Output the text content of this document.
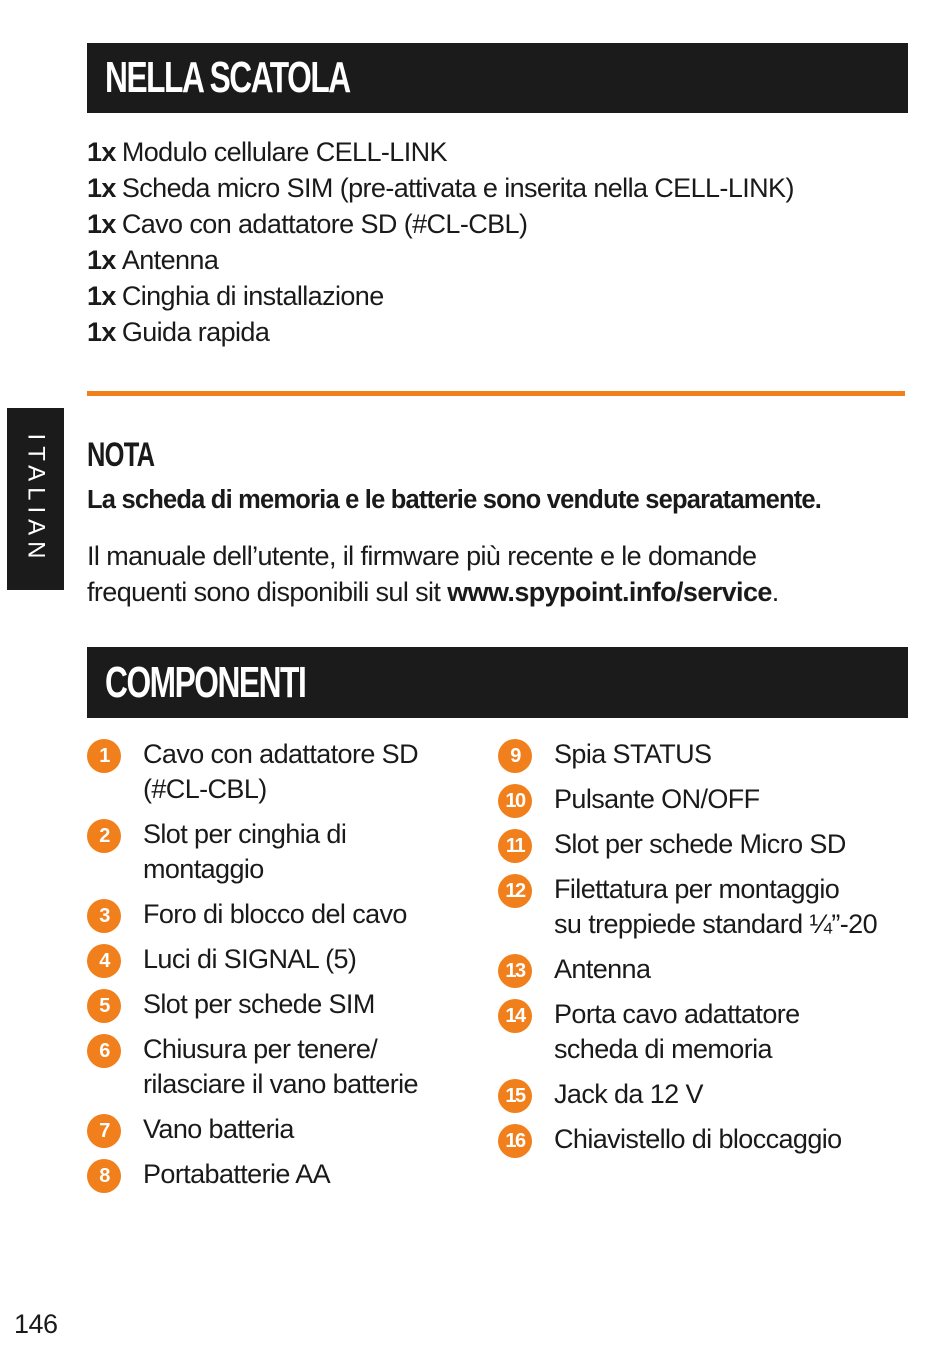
NELLA SCATOLA
1x Modulo cellulare CELL-LINK
1x Scheda micro SIM (pre-attivata e inserita nella CELL-LINK)
1x Cavo con adattatore SD (#CL-CBL)
1x Antenna
1x Cinghia di installazione
1x Guida rapida
ITALIAN NOTA
La scheda di memoria e le batterie sono vendute separatamente.
Il manuale dell’utente, il firmware più recente e le domande
frequenti sono disponibili sul sit www.spypoint.info/service.
COMPONENTI
1	Cavo con adattatore SD
(#CL-CBL)
2	Slot per cinghia di
montaggio
3	Foro di blocco del cavo
4	Luci di SIGNAL (5)
5	Slot per schede SIM
6	Chiusura per tenere/
rilasciare il vano batterie
7	Vano batteria
8	Portabatterie AA
9	Spia STATUS
10 Pulsante ON/OFF
11 Slot per schede Micro SD
12 Filettatura per montaggio
su treppiede standard ¼”-20
13 Antenna
14 Porta cavo adattatore
scheda di memoria
15 Jack da 12 V
16 Chiavistello di bloccaggio
146
